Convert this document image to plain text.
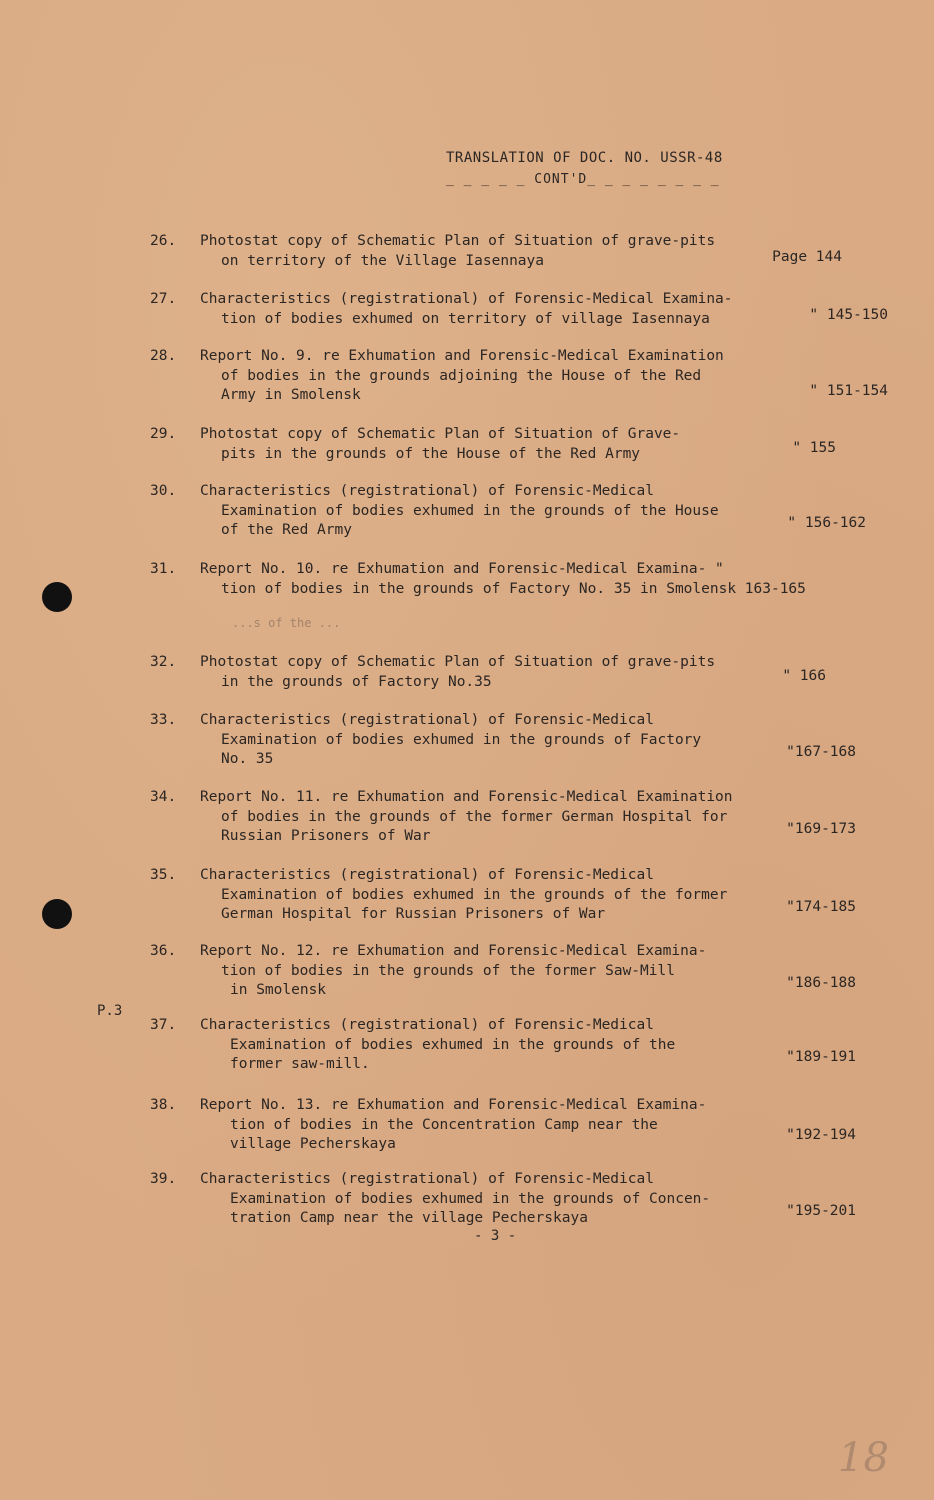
TRANSLATION OF DOC. NO. USSR-48
_ _ _ _ _ CONT'D_ _ _ _ _ _ _ _
26.	Photostat copy of Schematic Plan of Situation of grave-pits
on territory of the Village Iasennaya	Page 144
27.	Characteristics (registrational) of Forensic-Medical Examina-
tion of bodies exhumed on territory of village Iasennaya	" 145-150
28.	Report No. 9. re Exhumation and Forensic-Medical Examination
of bodies in the grounds adjoining the House of the Red
Army in Smolensk	" 151-154
29.	Photostat copy of Schematic Plan of Situation of Grave-
pits in the grounds of the House of the Red Army	" 155
30.	Characteristics (registrational) of Forensic-Medical
Examination of bodies exhumed in the grounds of the House
of the Red Army	" 156-162
31.	Report No. 10. re Exhumation and Forensic-Medical Examina- "
tion of bodies in the grounds of Factory No. 35 in Smolensk 163-165
...s of the ...
32.	Photostat copy of Schematic Plan of Situation of grave-pits
in the grounds of Factory No.35	" 166
33.	Characteristics (registrational) of Forensic-Medical
Examination of bodies exhumed in the grounds of Factory
No. 35	"167-168
34.	Report No. 11. re Exhumation and Forensic-Medical Examination
of bodies in the grounds of the former German Hospital for
Russian Prisoners of War	"169-173
35.	Characteristics (registrational) of Forensic-Medical
Examination of bodies exhumed in the grounds of the former
German Hospital for Russian Prisoners of War	"174-185
36.	Report No. 12. re Exhumation and Forensic-Medical Examina-
tion of bodies in the grounds of the former Saw-Mill
in Smolensk	"186-188
P.3
37.	Characteristics (registrational) of Forensic-Medical
Examination of bodies exhumed in the grounds of the
former saw-mill.	"189-191
38.	Report No. 13. re Exhumation and Forensic-Medical Examina-
tion of bodies in the Concentration Camp near the
village Pecherskaya
"192-194
39.	Characteristics (registrational) of Forensic-Medical
Examination of bodies exhumed in the grounds of Concen-
tration Camp near the village Pecherskaya	"195-201
- 3 -
18
